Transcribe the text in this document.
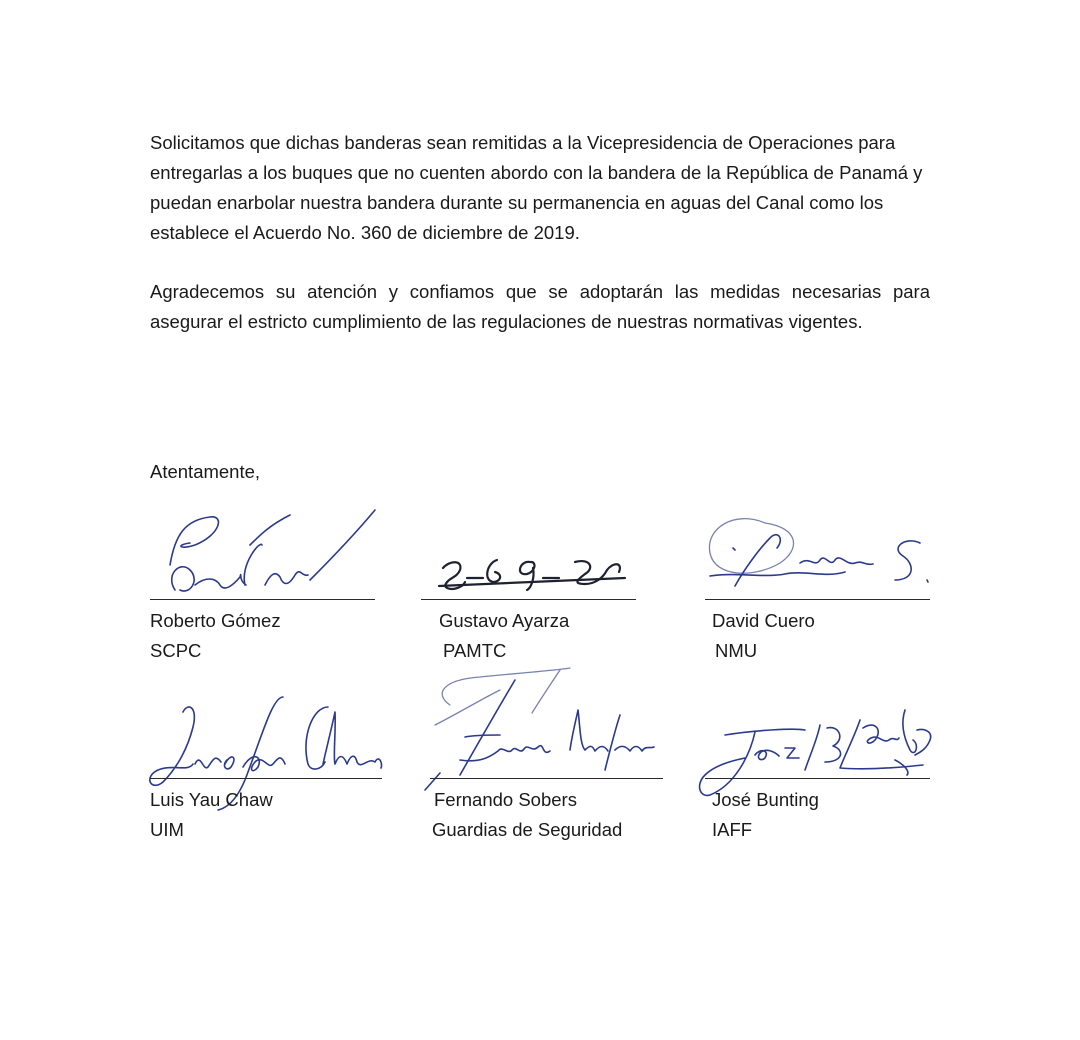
Solicitamos que dichas banderas sean remitidas a la Vicepresidencia de Operaciones para entregarlas a los buques que no cuenten abordo con la bandera de la República de Panamá y puedan enarbolar nuestra bandera durante su permanencia en aguas del Canal como los establece el Acuerdo No. 360 de diciembre de 2019.

Agradecemos su atención y confiamos que se adoptarán las medidas necesarias para asegurar el estricto cumplimiento de las regulaciones de nuestras normativas vigentes.

Atentamente,

Roberto Gómez
SCPC
Gustavo Ayarza
PAMTC
David Cuero
NMU
Luis Yau Chaw
UIM
Fernando Sobers
Guardias de Seguridad
José Bunting
IAFF
